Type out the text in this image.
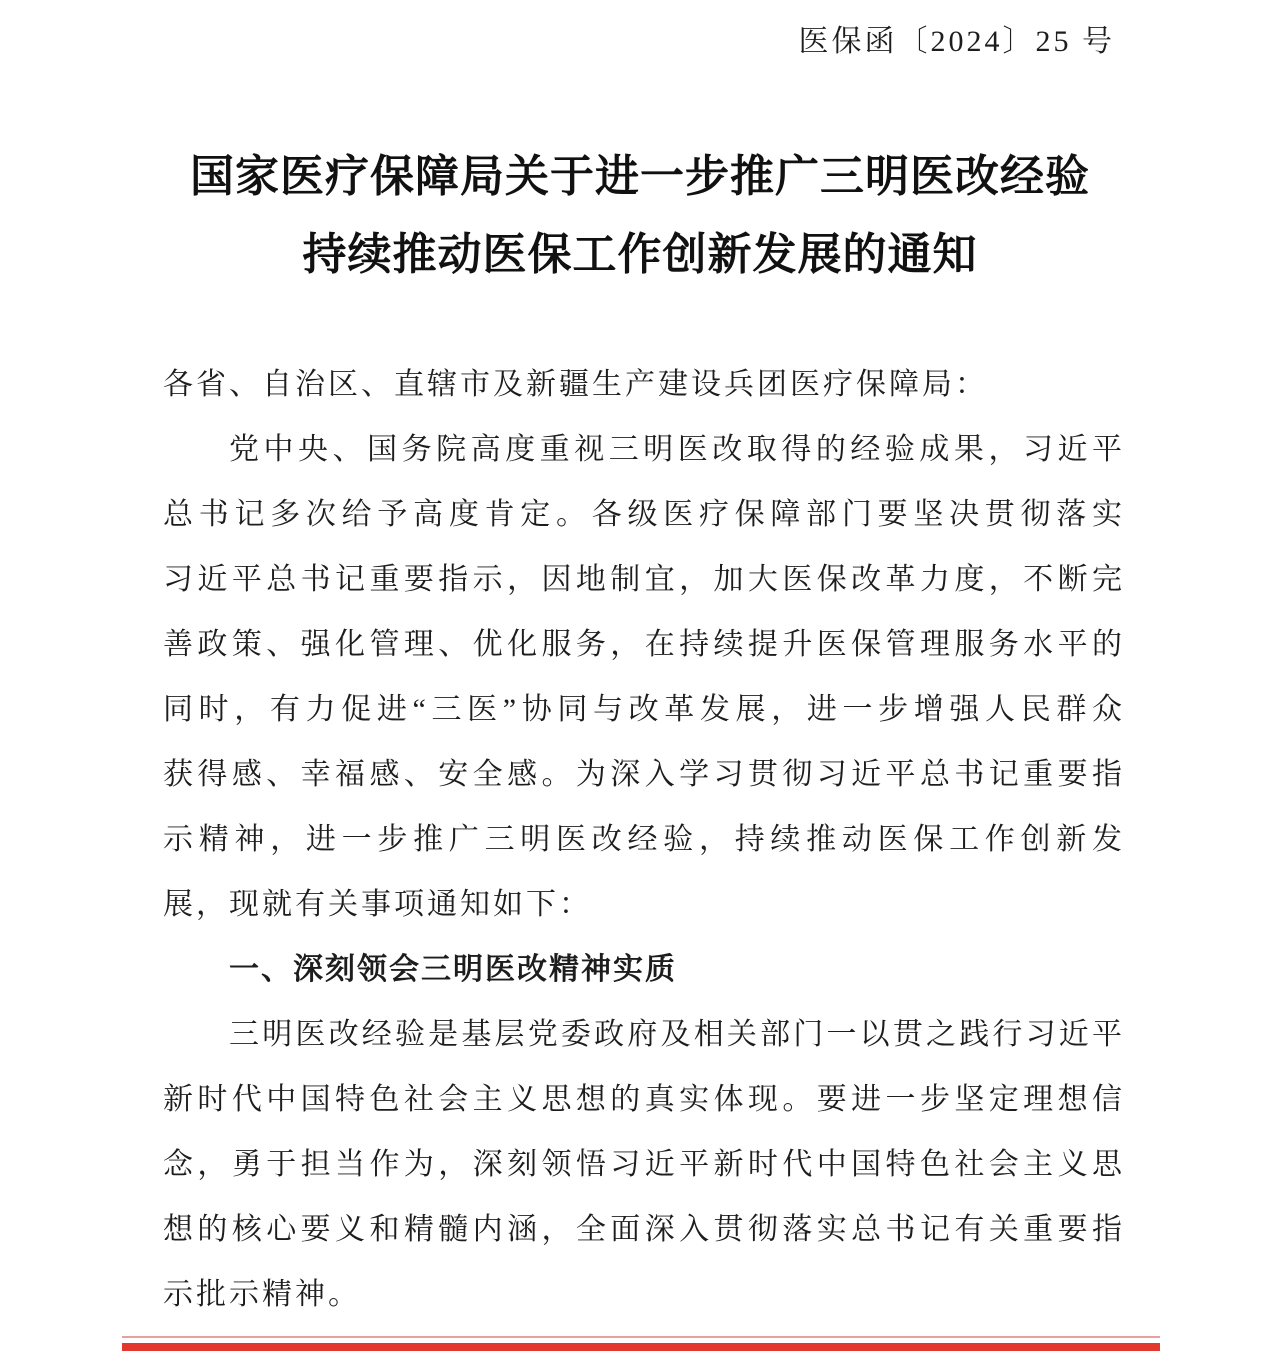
医保函〔2024〕25 号
国家医疗保障局关于进一步推广三明医改经验
持续推动医保工作创新发展的通知
各省、自治区、直辖市及新疆生产建设兵团医疗保障局：
党中央、国务院高度重视三明医改取得的经验成果，习近平
总书记多次给予高度肯定。各级医疗保障部门要坚决贯彻落实
习近平总书记重要指示，因地制宜，加大医保改革力度，不断完
善政策、强化管理、优化服务，在持续提升医保管理服务水平的
同时，有力促进“三医”协同与改革发展，进一步增强人民群众
获得感、幸福感、安全感。为深入学习贯彻习近平总书记重要指
示精神，进一步推广三明医改经验，持续推动医保工作创新发
展，现就有关事项通知如下：
一、深刻领会三明医改精神实质
三明医改经验是基层党委政府及相关部门一以贯之践行习近平
新时代中国特色社会主义思想的真实体现。要进一步坚定理想信
念，勇于担当作为，深刻领悟习近平新时代中国特色社会主义思
想的核心要义和精髓内涵，全面深入贯彻落实总书记有关重要指
示批示精神。
